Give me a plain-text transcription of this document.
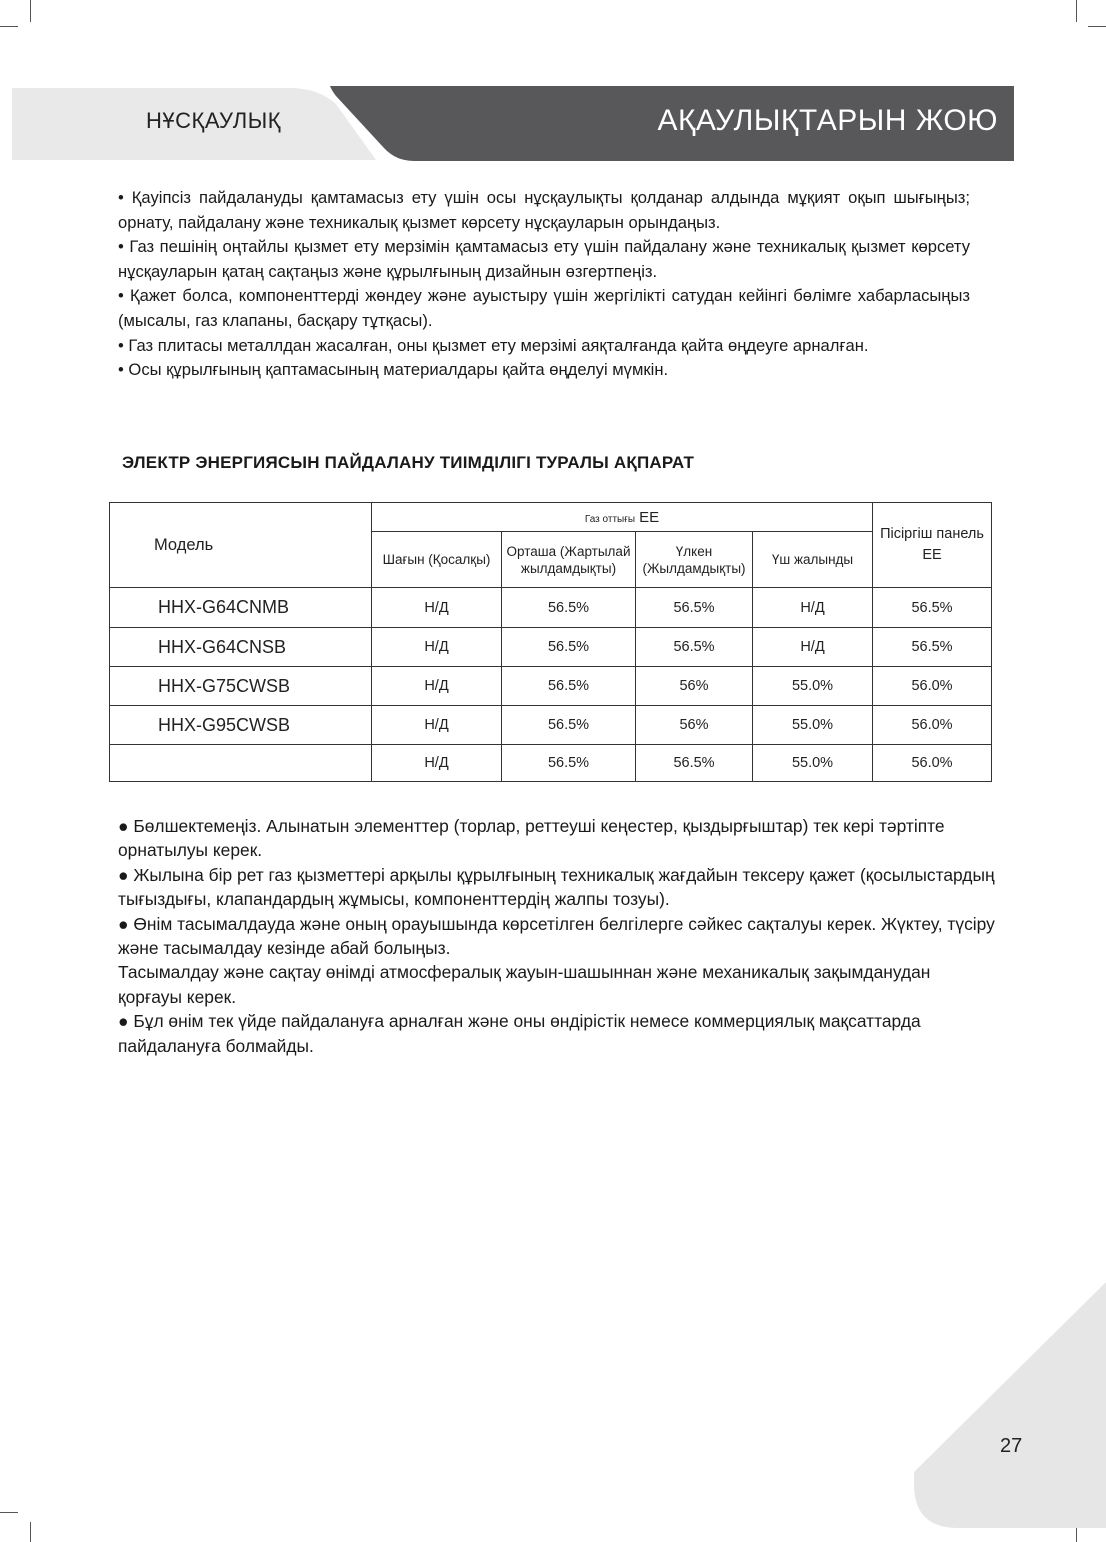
НҰСҚАУЛЫҚ	АҚАУЛЫҚТАРЫН ЖОЮ

• Қауіпсіз пайдалануды қамтамасыз ету үшін осы нұсқаулықты қолданар алдында мұқият оқып шығыңыз; орнату, пайдалану және техникалық қызмет көрсету нұсқауларын орындаңыз.

• Газ пешінің оңтайлы қызмет ету мерзімін қамтамасыз ету үшін пайдалану және техникалық қызмет көрсету нұсқауларын қатаң сақтаңыз және құрылғының дизайнын өзгертпеңіз.

• Қажет болса, компоненттерді жөндеу және ауыстыру үшін жергілікті сатудан кейінгі бөлімге хабарласыңыз (мысалы, газ клапаны, басқару тұтқасы).

• Газ плитасы металлдан жасалған, оны қызмет ету мерзімі аяқталғанда қайта өңдеуге арналған.

• Осы құрылғының қаптамасының материалдары қайта өңделуі мүмкін.

ЭЛЕКТР ЭНЕРГИЯСЫН ПАЙДАЛАНУ ТИІМДІЛІГІ ТУРАЛЫ АҚПАРАТ
Модель	Газ оттығы EE				Пісіргіш панель ЕЕ
	Шағын (Қосалқы)	Орташа (Жартылай жылдамдықты)	Үлкен (Жылдамдықты)	Үш жалынды	
HHX-G64CNMB	Н/Д	56.5%	56.5%	Н/Д	56.5%
HHX-G64CNSB	Н/Д	56.5%	56.5%	Н/Д	56.5%
HHX-G75CWSB	Н/Д	56.5%	56%	55.0%	56.0%
HHX-G95CWSB	Н/Д	56.5%	56%	55.0%	56.0%
	Н/Д	56.5%	56.5%	55.0%	56.0%

● Бөлшектемеңіз. Алынатын элементтер (торлар, реттеуші кеңестер, қыздырғыштар) тек кері тәртіпте орнатылуы керек.

● Жылына бір рет газ қызметтері арқылы құрылғының техникалық жағдайын тексеру қажет (қосылыстардың тығыздығы, клапандардың жұмысы, компоненттердің жалпы тозуы).

● Өнім тасымалдауда және оның орауышында көрсетілген белгілерге сәйкес сақталуы керек. Жүктеу, түсіру және тасымалдау кезінде абай болыңыз.

Тасымалдау және сақтау өнімді атмосфералық жауын-шашыннан және механикалық зақымданудан қорғауы керек.

● Бұл өнім тек үйде пайдалануға арналған және оны өндірістік немесе коммерциялық мақсаттарда пайдалануға болмайды.

27
